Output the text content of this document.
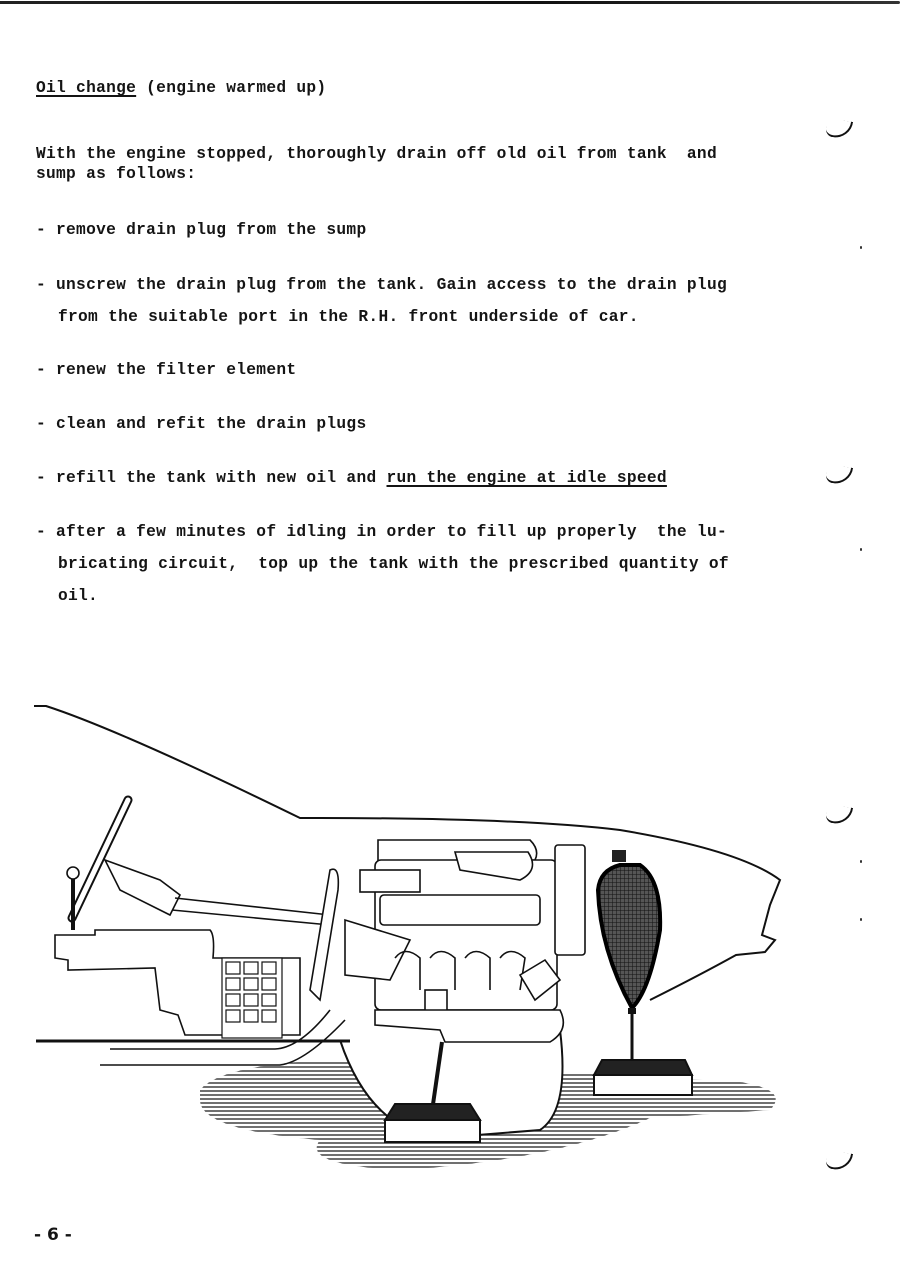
Oil change (engine warmed up)
With the engine stopped, thoroughly drain off old oil from tank  and
sump as follows:
- remove drain plug from the sump
- unscrew the drain plug from the tank. Gain access to the drain plug
from the suitable port in the R.H. front underside of car.
- renew the filter element
- clean and refit the drain plugs
- refill the tank with new oil and run the engine at idle speed
- after a few minutes of idling in order to fill up properly  the lu-
bricating circuit,  top up the tank with the prescribed quantity of
oil.
- 6 -
